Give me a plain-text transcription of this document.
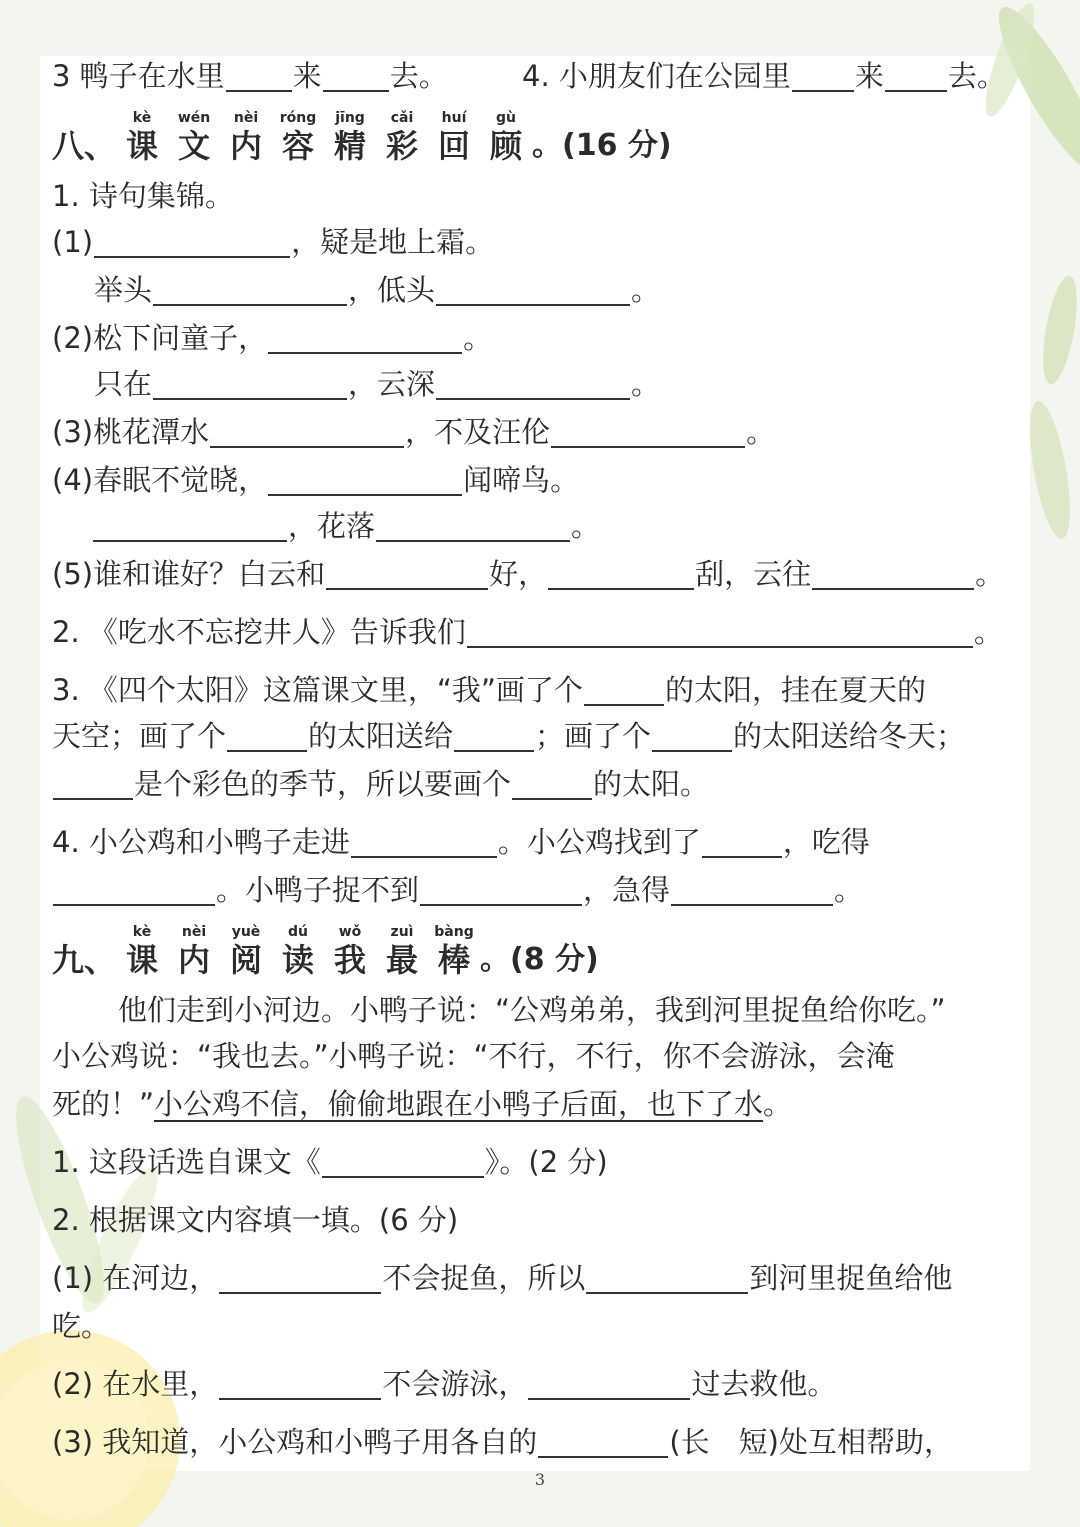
3 鸭子在水里 来 去。	4. 小朋友们在公园里 来 去。
八、
kè
课
wén
文
nèi
内
róng
容
jīng
精
cǎi
彩
huí
回
gù
顾 。(16 分)
1. 诗句集锦。
(1)	，疑是地上霜。
举头	，低头	。
(2)松下问童子，	。
只在	，云深	。
(3)桃花潭水	，不及汪伦	。
(4)春眠不觉晓，	闻啼鸟。
，花落	。
(5)谁和谁好？白云和	好，	刮，云往	。
2. 《吃水不忘挖井人》告诉我们	。
3. 《四个太阳》这篇课文里，“我”画了个	的太阳，挂在夏天的
天空；画了个	的太阳送给	；画了个	的太阳送给冬天；
是个彩色的季节，所以要画个	的太阳。
4. 小公鸡和小鸭子走进	。小公鸡找到了	，吃得
。小鸭子捉不到	，急得	。
九、
kè
课
nèi
内
yuè
阅
dú
读
wǒ
我
zuì
最
bàng
棒 。(8 分)
他们走到小河边。小鸭子说：“公鸡弟弟，我到河里捉鱼给你吃。”
小公鸡说：“我也去。”小鸭子说：“不行，不行，你不会游泳，会淹
死的！”小公鸡不信，偷偷地跟在小鸭子后面，也下了水。
1. 这段话选自课文《	》。(2 分)
2. 根据课文内容填一填。(6 分)
(1) 在河边，	不会捉鱼，所以	到河里捉鱼给他
吃。
(2) 在水里，	不会游泳，	过去救他。
(3) 我知道，小公鸡和小鸭子用各自的	(长　短)处互相帮助，
3
